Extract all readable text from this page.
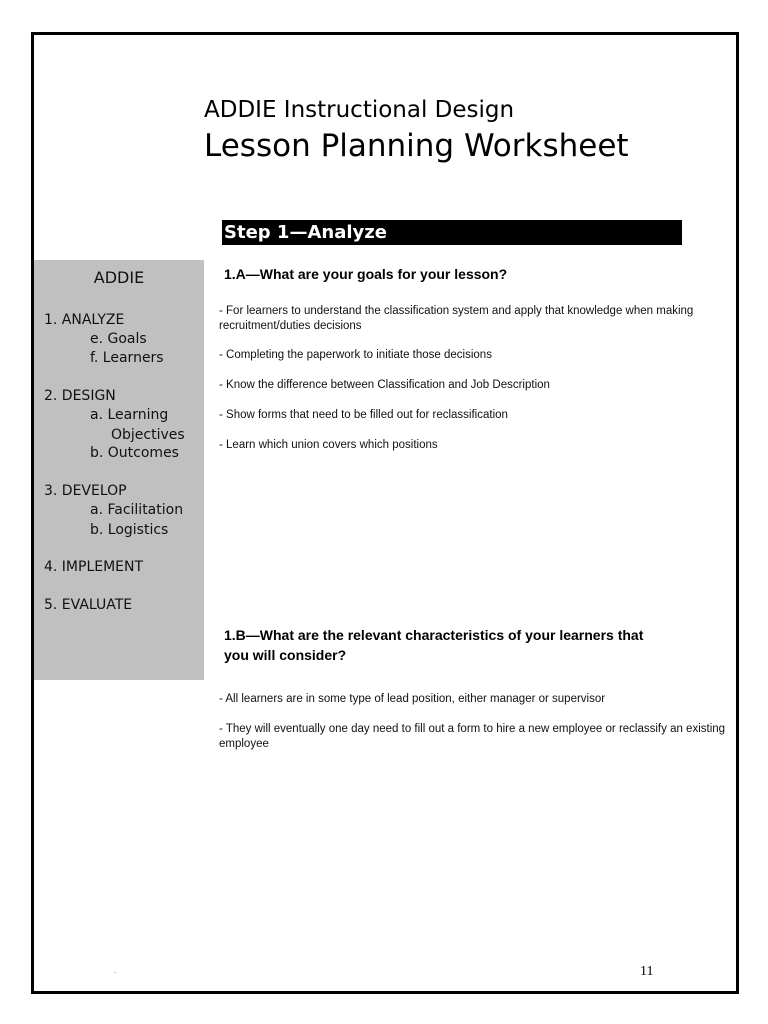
ADDIE Instructional Design
Lesson Planning Worksheet
Step 1—Analyze
ADDIE
1. ANALYZE
e. Goals
f. Learners
2. DESIGN
a. Learning
Objectives
b. Outcomes
3. DEVELOP
a. Facilitation
b. Logistics
4. IMPLEMENT
5. EVALUATE
1.A—What are your goals for your lesson?
- For learners to understand the classification system and apply that knowledge when making recruitment/duties decisions
- Completing the paperwork to initiate those decisions
- Know the difference between Classification and Job Description
- Show forms that need to be filled out for reclassification
- Learn which union covers which positions
1.B—What are the relevant characteristics of your learners that
you will consider?
- All learners are in some type of lead position, either manager or supervisor
- They will eventually one day need to fill out a form to hire a new employee or reclassify an existing employee
.	11
